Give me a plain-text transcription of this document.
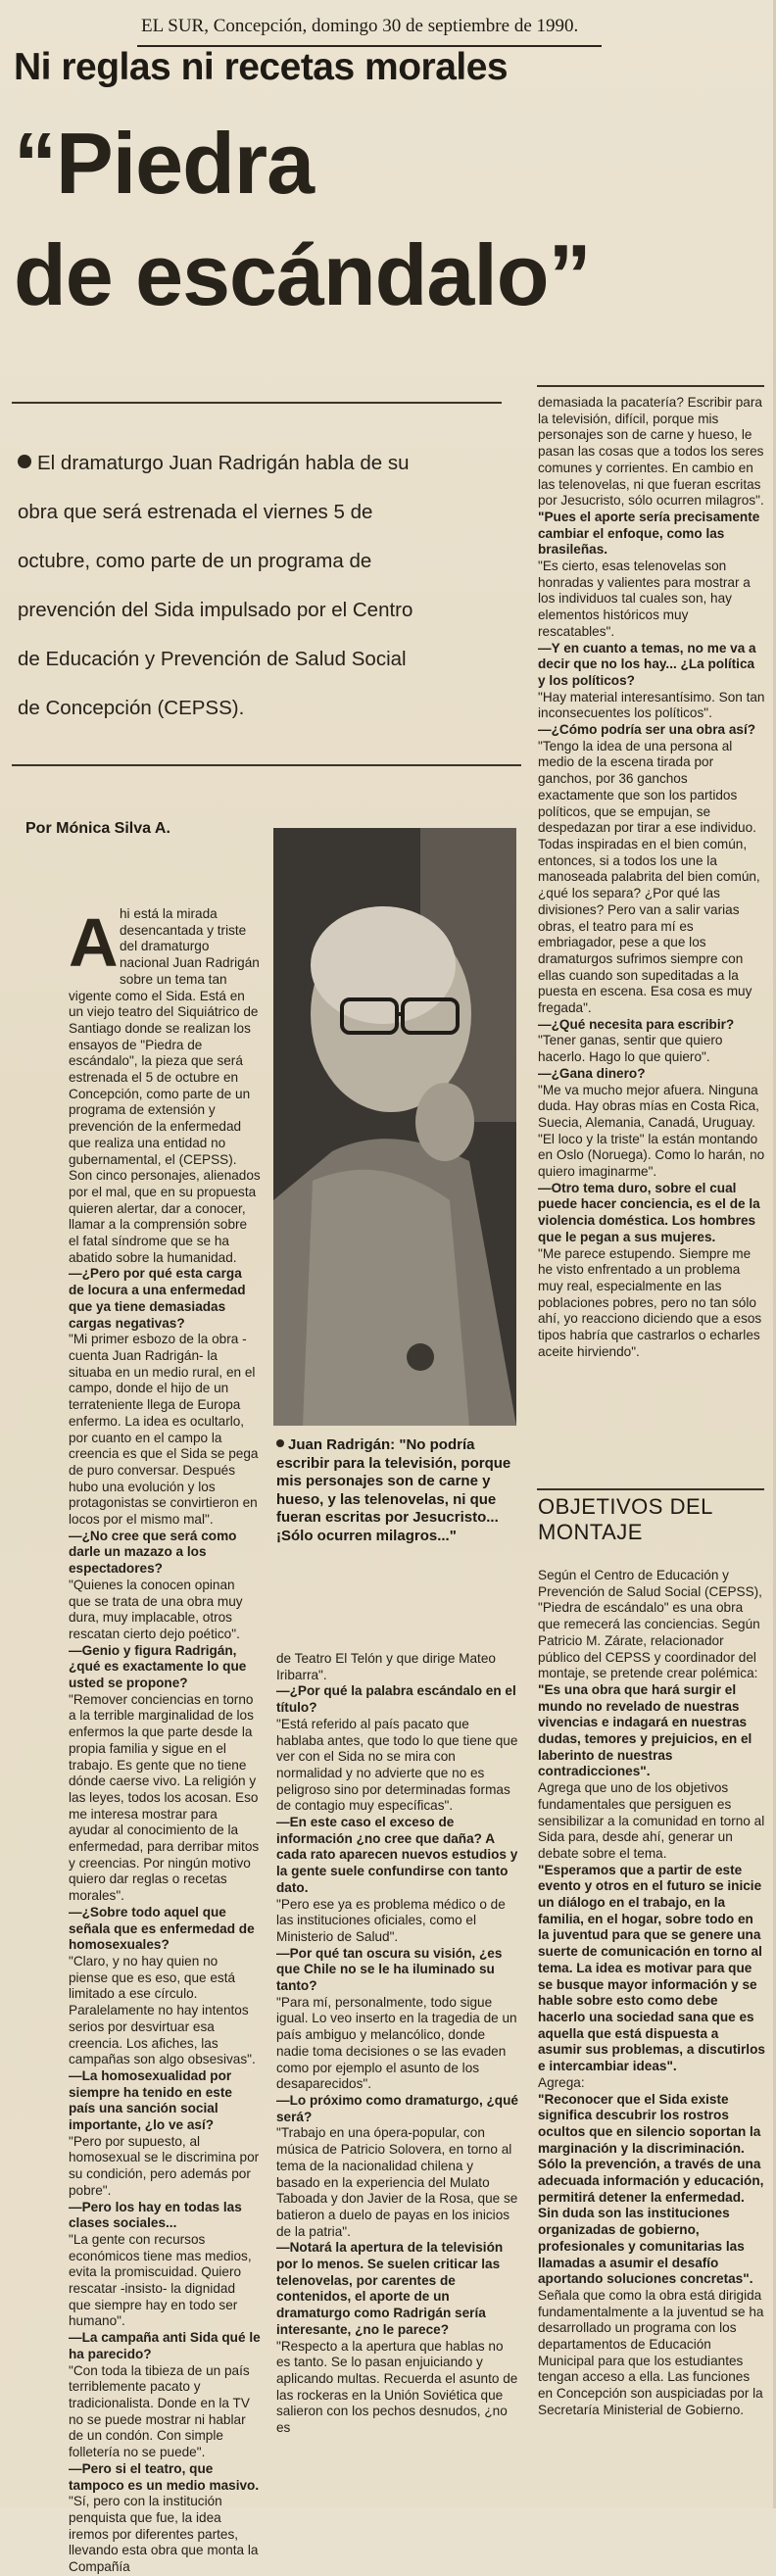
EL SUR, Concepción, domingo 30 de septiembre de 1990.
Ni reglas ni recetas morales
“Piedra
de escándalo”
El dramaturgo Juan Radrigán habla de su obra que será estrenada el viernes 5 de octubre, como parte de un programa de prevención del Sida impulsado por el Centro de Educación y Prevención de Salud Social de Concepción (CEPSS).
Por Mónica Silva A.
A hi está la mirada desencantada y triste del dramaturgo nacional Juan Radrigán sobre un tema tan vigente como el Sida. Está en un viejo teatro del Siquiátrico de Santiago donde se realizan los ensayos de "Piedra de escándalo", la pieza que será estrenada el 5 de octubre en Concepción, como parte de un programa de extensión y prevención de la enfermedad que realiza una entidad no gubernamental, el (CEPSS).

Son cinco personajes, alienados por el mal, que en su propuesta quieren alertar, dar a conocer, llamar a la comprensión sobre el fatal síndrome que se ha abatido sobre la humanidad.

—¿Pero por qué esta carga de locura a una enfermedad que ya tiene demasiadas cargas negativas?

"Mi primer esbozo de la obra -cuenta Juan Radrigán- la situaba en un medio rural, en el campo, donde el hijo de un terrateniente llega de Europa enfermo. La idea es ocultarlo, por cuanto en el campo la creencia es que el Sida se pega de puro conversar. Después hubo una evolución y los protagonistas se convirtieron en locos por el mismo mal".

—¿No cree que será como darle un mazazo a los espectadores?

"Quienes la conocen opinan que se trata de una obra muy dura, muy implacable, otros rescatan cierto dejo poético".

—Genio y figura Radrigán, ¿qué es exactamente lo que usted se propone?

"Remover conciencias en torno a la terrible marginalidad de los enfermos la que parte desde la propia familia y sigue en el trabajo. Es gente que no tiene dónde caerse vivo. La religión y las leyes, todos los acosan. Eso me interesa mostrar para ayudar al conocimiento de la enfermedad, para derribar mitos y creencias. Por ningún motivo quiero dar reglas o recetas morales".

—¿Sobre todo aquel que señala que es enfermedad de homosexuales?

"Claro, y no hay quien no piense que es eso, que está limitado a ese círculo. Paralelamente no hay intentos serios por desvirtuar esa creencia. Los afiches, las campañas son algo obsesivas".

—La homosexualidad por siempre ha tenido en este país una sanción social importante, ¿lo ve así?

"Pero por supuesto, al homosexual se le discrimina por su condición, pero además por pobre".

—Pero los hay en todas las clases sociales...

"La gente con recursos económicos tiene mas medios, evita la promiscuidad. Quiero rescatar -insisto- la dignidad que siempre hay en todo ser humano".

—La campaña anti Sida qué le ha parecido?

"Con toda la tibieza de un país terriblemente pacato y tradicionalista. Donde en la TV no se puede mostrar ni hablar de un condón. Con simple folletería no se puede".

—Pero si el teatro, que tampoco es un medio masivo.

"Sí, pero con la institución penquista que fue, la idea iremos por diferentes partes, llevando esta obra que monta la Compañía

Juan Radrigán: "No podría escribir para la televisión, porque mis personajes son de carne y hueso, y las telenovelas, ni que fueran escritas por Jesucristo... ¡Sólo ocurren milagros..."

de Teatro El Telón y que dirige Mateo Iribarra".

—¿Por qué la palabra escándalo en el título?

"Está referido al país pacato que hablaba antes, que todo lo que tiene que ver con el Sida no se mira con normalidad y no advierte que no es peligroso sino por determinadas formas de contagio muy específicas".

—En este caso el exceso de información ¿no cree que daña? A cada rato aparecen nuevos estudios y la gente suele confundirse con tanto dato.

"Pero ese ya es problema médico o de las instituciones oficiales, como el Ministerio de Salud".

—Por qué tan oscura su visión, ¿es que Chile no se le ha iluminado su tanto?

"Para mí, personalmente, todo sigue igual. Lo veo inserto en la tragedia de un país ambiguo y melancólico, donde nadie toma decisiones o se las evaden como por ejemplo el asunto de los desaparecidos".

—Lo próximo como dramaturgo, ¿qué será?

"Trabajo en una ópera-popular, con música de Patricio Solovera, en torno al tema de la nacionalidad chilena y basado en la experiencia del Mulato Taboada y don Javier de la Rosa, que se batieron a duelo de payas en los inicios de la patria".

—Notará la apertura de la televisión por lo menos. Se suelen criticar las telenovelas, por carentes de contenidos, el aporte de un dramaturgo como Radrigán sería interesante, ¿no le parece?

"Respecto a la apertura que hablas no es tanto. Se lo pasan enjuiciando y aplicando multas. Recuerda el asunto de las rockeras en la Unión Soviética que salieron con los pechos desnudos, ¿no es

demasiada la pacatería? Escribir para la televisión, difícil, porque mis personajes son de carne y hueso, le pasan las cosas que a todos los seres comunes y corrientes. En cambio en las telenovelas, ni que fueran escritas por Jesucristo, sólo ocurren milagros".

"Pues el aporte sería precisamente cambiar el enfoque, como las brasileñas.

"Es cierto, esas telenovelas son honradas y valientes para mostrar a los individuos tal cuales son, hay elementos históricos muy rescatables".

—Y en cuanto a temas, no me va a decir que no los hay... ¿La política y los políticos?

"Hay material interesantísimo. Son tan inconsecuentes los políticos".

—¿Cómo podría ser una obra así?

"Tengo la idea de una persona al medio de la escena tirada por ganchos, por 36 ganchos exactamente que son los partidos políticos, que se empujan, se despedazan por tirar a ese individuo. Todas inspiradas en el bien común, entonces, si a todos los une la manoseada palabrita del bien común, ¿qué los separa? ¿Por qué las divisiones? Pero van a salir varias obras, el teatro para mí es embriagador, pese a que los dramaturgos sufrimos siempre con ellas cuando son supeditadas a la puesta en escena. Esa cosa es muy fregada".

—¿Qué necesita para escribir?

"Tener ganas, sentir que quiero hacerlo. Hago lo que quiero".

—¿Gana dinero?

"Me va mucho mejor afuera. Ninguna duda. Hay obras mías en Costa Rica, Suecia, Alemania, Canadá, Uruguay. "El loco y la triste" la están montando en Oslo (Noruega). Como lo harán, no quiero imaginarme".

—Otro tema duro, sobre el cual puede hacer conciencia, es el de la violencia doméstica. Los hombres que le pegan a sus mujeres.

"Me parece estupendo. Siempre me he visto enfrentado a un problema muy real, especialmente en las poblaciones pobres, pero no tan sólo ahí, yo reacciono diciendo que a esos tipos habría que castrarlos o echarles aceite hirviendo".

OBJETIVOS DEL MONTAJE

Según el Centro de Educación y Prevención de Salud Social (CEPSS), "Piedra de escándalo" es una obra que remecerá las conciencias. Según Patricio M. Zárate, relacionador público del CEPSS y coordinador del montaje, se pretende crear polémica:

"Es una obra que hará surgir el mundo no revelado de nuestras vivencias e indagará en nuestras dudas, temores y prejuicios, en el laberinto de nuestras contradicciones".

Agrega que uno de los objetivos fundamentales que persiguen es sensibilizar a la comunidad en torno al Sida para, desde ahí, generar un debate sobre el tema.

"Esperamos que a partir de este evento y otros en el futuro se inicie un diálogo en el trabajo, en la familia, en el hogar, sobre todo en la juventud para que se genere una suerte de comunicación en torno al tema. La idea es motivar para que se busque mayor información y se hable sobre esto como debe hacerlo una sociedad sana que es aquella que está dispuesta a asumir sus problemas, a discutirlos e intercambiar ideas".

Agrega:

"Reconocer que el Sida existe significa descubrir los rostros ocultos que en silencio soportan la marginación y la discriminación. Sólo la prevención, a través de una adecuada información y educación, permitirá detener la enfermedad. Sin duda son las instituciones organizadas de gobierno, profesionales y comunitarias las llamadas a asumir el desafío aportando soluciones concretas".

Señala que como la obra está dirigida fundamentalmente a la juventud se ha desarrollado un programa con los departamentos de Educación Municipal para que los estudiantes tengan acceso a ella. Las funciones en Concepción son auspiciadas por la Secretaría Ministerial de Gobierno.
